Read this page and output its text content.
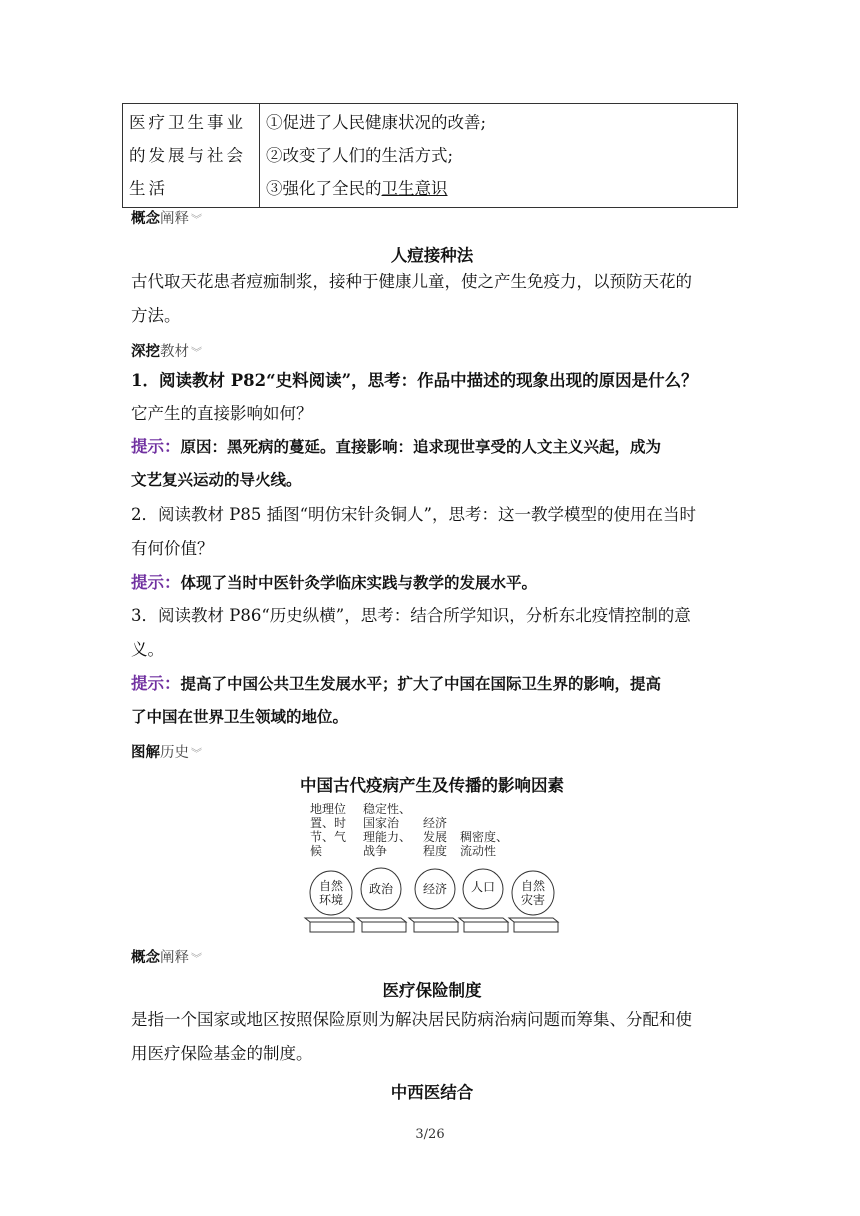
医疗卫生事业
的发展与社会
生活

①促进了人民健康状况的改善;
②改变了人们的生活方式;
③强化了全民的卫生意识
概念阐释 ︾
人痘接种法
古代取天花患者痘痂制浆，接种于健康儿童，使之产生免疫力，以预防天花的
方法。
深挖教材 ︾
1．阅读教材 P82“史料阅读”，思考：作品中描述的现象出现的原因是什么？
它产生的直接影响如何？
提示：原因：黑死病的蔓延。直接影响：追求现世享受的人文主义兴起，成为
文艺复兴运动的导火线。
2．阅读教材 P85 插图“明仿宋针灸铜人”，思考：这一教学模型的使用在当时
有何价值？
提示：体现了当时中医针灸学临床实践与教学的发展水平。
3．阅读教材 P86“历史纵横”，思考：结合所学知识，分析东北疫情控制的意
义。
提示：提高了中国公共卫生发展水平；扩大了中国在国际卫生界的影响，提高
了中国在世界卫生领域的地位。
图解历史 ︾
中国古代疫病产生及传播的影响因素
地理位
置、时
节、气
候
稳定性、
国家治
理能力、
战争
经济
发展
程度
稠密度、
流动性
自然
环境
政治	经济	人口	自然
灾害
概念阐释 ︾
医疗保险制度
是指一个国家或地区按照保险原则为解决居民防病治病问题而筹集、分配和使
用医疗保险基金的制度。
中西医结合
3/26
